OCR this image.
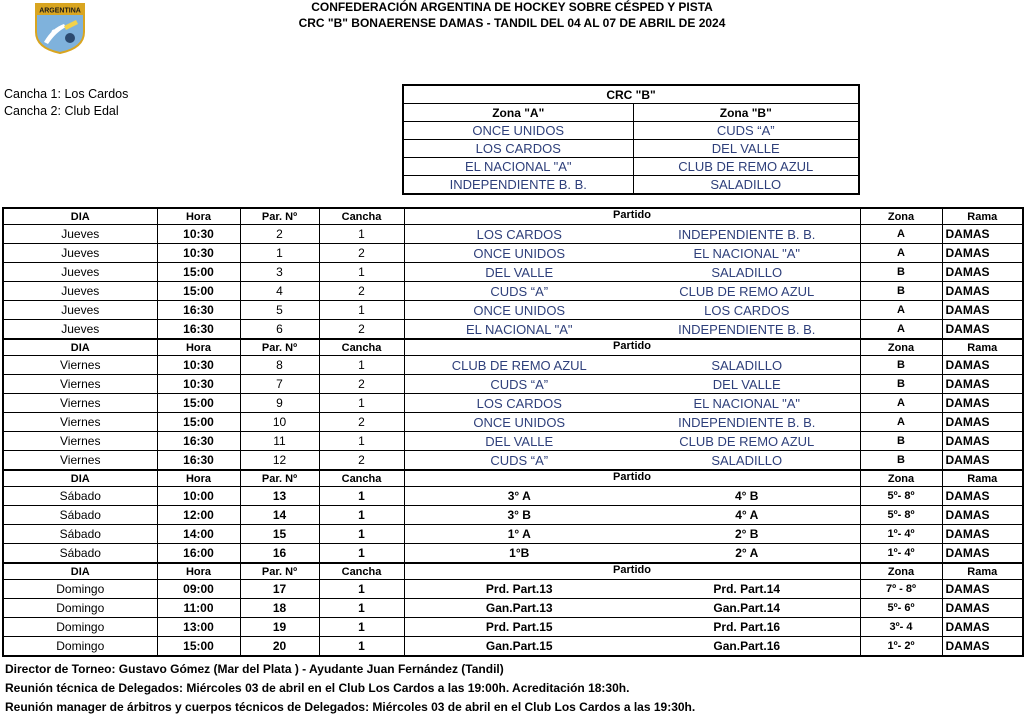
ARGENTINA	CONFEDERACIÓN ARGENTINA DE HOCKEY SOBRE CÉSPED Y PISTA
CRC "B" BONAERENSE DAMAS - TANDIL DEL 04 AL 07 DE ABRIL DE 2024
Cancha 1: Los Cardos
Cancha 2: Club Edal
CRC "B"	
Zona "A"	Zona "B"
ONCE UNIDOS	CUDS “A”
LOS CARDOS	DEL VALLE
EL NACIONAL "A"	CLUB DE REMO AZUL
INDEPENDIENTE B. B.	SALADILLO
DIA	Hora	Par. Nº	Cancha	Partido		Zona	Rama
Jueves	10:30	2	1	LOS CARDOS	INDEPENDIENTE B. B.	A	DAMAS
Jueves	10:30	1	2	ONCE UNIDOS	EL NACIONAL "A"	A	DAMAS
Jueves	15:00	3	1	DEL VALLE	SALADILLO	B	DAMAS
Jueves	15:00	4	2	CUDS “A”	CLUB DE REMO AZUL	B	DAMAS
Jueves	16:30	5	1	ONCE UNIDOS	LOS CARDOS	A	DAMAS
Jueves	16:30	6	2	EL NACIONAL "A"	INDEPENDIENTE B. B.	A	DAMAS
DIA	Hora	Par. Nº	Cancha	Partido		Zona	Rama
Viernes	10:30	8	1	CLUB DE REMO AZUL	SALADILLO	B	DAMAS
Viernes	10:30	7	2	CUDS “A”	DEL VALLE	B	DAMAS
Viernes	15:00	9	1	LOS CARDOS	EL NACIONAL "A"	A	DAMAS
Viernes	15:00	10	2	ONCE UNIDOS	INDEPENDIENTE B. B.	A	DAMAS
Viernes	16:30	11	1	DEL VALLE	CLUB DE REMO AZUL	B	DAMAS
Viernes	16:30	12	2	CUDS “A”	SALADILLO	B	DAMAS
DIA	Hora	Par. Nº	Cancha	Partido		Zona	Rama
Sábado	10:00	13	1	3° A	4° B	5º- 8º	DAMAS
Sábado	12:00	14	1	3° B	4° A	5º- 8º	DAMAS
Sábado	14:00	15	1	1° A	2° B	1º- 4º	DAMAS
Sábado	16:00	16	1	1°B	2° A	1º- 4º	DAMAS
DIA	Hora	Par. Nº	Cancha	Partido		Zona	Rama
Domingo	09:00	17	1	Prd. Part.13	Prd. Part.14	7º - 8º	DAMAS
Domingo	11:00	18	1	Gan.Part.13	Gan.Part.14	5º- 6º	DAMAS
Domingo	13:00	19	1	Prd. Part.15	Prd. Part.16	3º- 4	DAMAS
Domingo	15:00	20	1	Gan.Part.15	Gan.Part.16	1º- 2º	DAMAS
Director de Torneo: Gustavo Gómez (Mar del Plata ) - Ayudante Juan Fernández (Tandil)
Reunión técnica de Delegados: Miércoles 03 de abril en el Club Los Cardos a las 19:00h. Acreditación 18:30h.
Reunión manager de árbitros y cuerpos técnicos de Delegados: Miércoles 03 de abril en el Club Los Cardos a las 19:30h.
